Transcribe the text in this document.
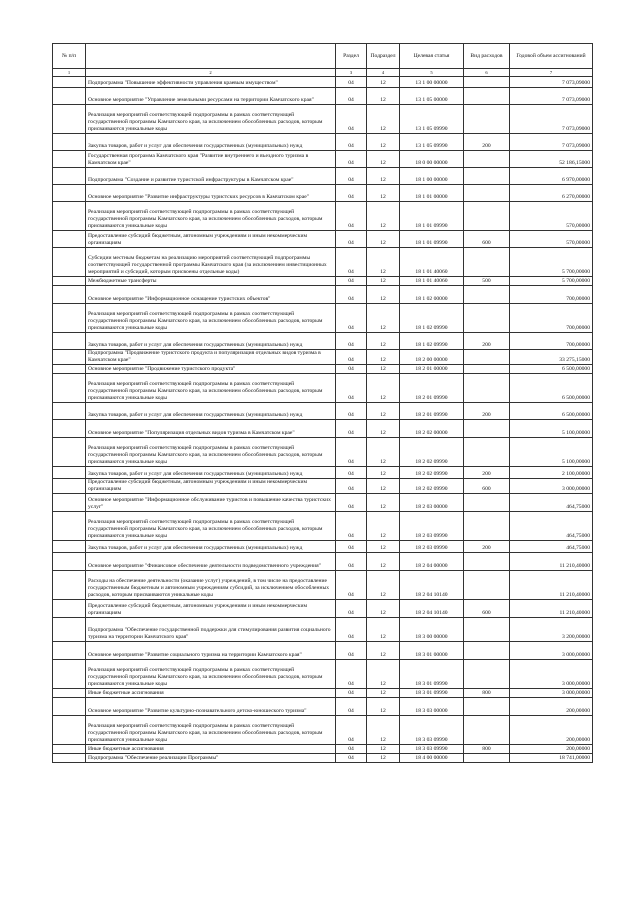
№ п/п		Раздел	Подраздел	Целевая статья	Вид расходов	Годовой объем ассигнований
1	2	3	4	5	6	7
	Подпрограмма "Повышение эффективности управления краевым имуществом"	04	12	13 1 00 00000		7 073,09000
	Основное мероприятие "Управление земельными ресурсами на территории Камчатского края"	04	12	13 1 05 00000		7 073,09000
	Реализация мероприятий соответствующей подпрограммы в рамках соответствующей государственной программы Камчатского края, за исключением обособленных расходов, которым присваиваются уникальные коды	04	12	13 1 05 09990		7 073,09000
	Закупка товаров, работ и услуг для обеспечения государственных (муниципальных) нужд	04	12	13 1 05 09990	200	7 073,09000
	Государственная программа Камчатского края "Развитие внутреннего и въездного туризма в Камчатском крае"	04	12	18 0 00 00000		52 186,15000
	Подпрограмма "Создание и развитие туристской инфраструктуры в Камчатском крае"	04	12	18 1 00 00000		6 970,00000
	Основное мероприятие "Развитие инфраструктуры туристских ресурсов в Камчатском крае"	04	12	18 1 01 00000		6 270,00000
	Реализация мероприятий соответствующей подпрограммы в рамках соответствующей государственной программы Камчатского края, за исключением обособленных расходов, которым присваиваются уникальные коды	04	12	18 1 01 09990		570,00000
	Предоставление субсидий бюджетным, автономным учреждениям и иным некоммерческим организациям	04	12	18 1 01 09990	600	570,00000
	Субсидии местным бюджетам на реализацию мероприятий соответствующей подпрограммы соответствующей государственной программы Камчатского края (за исключением инвестиционных мероприятий и субсидий, которым присвоены отдельные коды)	04	12	18 1 01 40060		5 700,00000
	Межбюджетные трансферты	04	12	18 1 01 40060	500	5 700,00000
	Основное мероприятие "Информационное оснащение туристских объектов"	04	12	18 1 02 00000		700,00000
	Реализация мероприятий соответствующей подпрограммы в рамках соответствующей государственной программы Камчатского края, за исключением обособленных расходов, которым присваиваются уникальные коды	04	12	18 1 02 09990		700,00000
	Закупка товаров, работ и услуг для обеспечения государственных (муниципальных) нужд	04	12	18 1 02 09990	200	700,00000
	Подпрограмма "Продвижение туристского продукта и популяризация отдельных видов туризма в Камчатском крае"	04	12	18 2 00 00000		33 275,15000
	Основное мероприятие "Продвижение туристского продукта"	04	12	18 2 01 00000		6 500,00000
	Реализация мероприятий соответствующей подпрограммы в рамках соответствующей государственной программы Камчатского края, за исключением обособленных расходов, которым присваиваются уникальные коды	04	12	18 2 01 09990		6 500,00000
	Закупка товаров, работ и услуг для обеспечения государственных (муниципальных) нужд	04	12	18 2 01 09990	200	6 500,00000
	Основное мероприятие "Популяризация отдельных видов туризма в Камчатском крае"	04	12	18 2 02 00000		5 100,00000
	Реализация мероприятий соответствующей подпрограммы в рамках соответствующей государственной программы Камчатского края, за исключением обособленных расходов, которым присваиваются уникальные коды	04	12	18 2 02 09990		5 100,00000
	Закупка товаров, работ и услуг для обеспечения государственных (муниципальных) нужд	04	12	18 2 02 09990	200	2 100,00000
	Предоставление субсидий бюджетным, автономным учреждениям и иным некоммерческим организациям	04	12	18 2 02 09990	600	3 000,00000
	Основное мероприятие "Информационное обслуживание туристов и повышение качества туристских услуг"	04	12	18 2 03 00000		464,75000
	Реализация мероприятий соответствующей подпрограммы в рамках соответствующей государственной программы Камчатского края, за исключением обособленных расходов, которым присваиваются уникальные коды	04	12	18 2 03 09990		464,75000
	Закупка товаров, работ и услуг для обеспечения государственных (муниципальных) нужд	04	12	18 2 03 09990	200	464,75000
	Основное мероприятие "Финансовое обеспечение деятельности подведомственного учреждения"	04	12	18 2 04 00000		11 210,40000
	Расходы на обеспечение деятельности (оказание услуг) учреждений, в том числе на предоставление государственным бюджетным и автономным учреждениям субсидий, за исключением обособленных расходов, которым присваиваются уникальные коды	04	12	18 2 04 10140		11 210,40000
	Предоставление субсидий бюджетным, автономным учреждениям и иным некоммерческим организациям	04	12	18 2 04 10140	600	11 210,40000
	Подпрограмма "Обеспечение государственной поддержки для стимулирования развития социального туризма на территории Камчатского края"	04	12	18 3 00 00000		3 200,00000
	Основное мероприятие "Развитие социального туризма на территории Камчатского края"	04	12	18 3 01 00000		3 000,00000
	Реализация мероприятий соответствующей подпрограммы в рамках соответствующей государственной программы Камчатского края, за исключением обособленных расходов, которым присваиваются уникальные коды	04	12	18 3 01 09990		3 000,00000
	Иные бюджетные ассигнования	04	12	18 3 01 09990	800	3 000,00000
	Основное мероприятие "Развитие культурно-познавательного детско-юношеского туризма"	04	12	18 3 03 00000		200,00000
	Реализация мероприятий соответствующей подпрограммы в рамках соответствующей государственной программы Камчатского края, за исключением обособленных расходов, которым присваиваются уникальные коды	04	12	18 3 03 09990		200,00000
	Иные бюджетные ассигнования	04	12	18 3 03 09990	800	200,00000
	Подпрограмма "Обеспечение реализации Программы"	04	12	18 4 00 00000		18 741,00000
